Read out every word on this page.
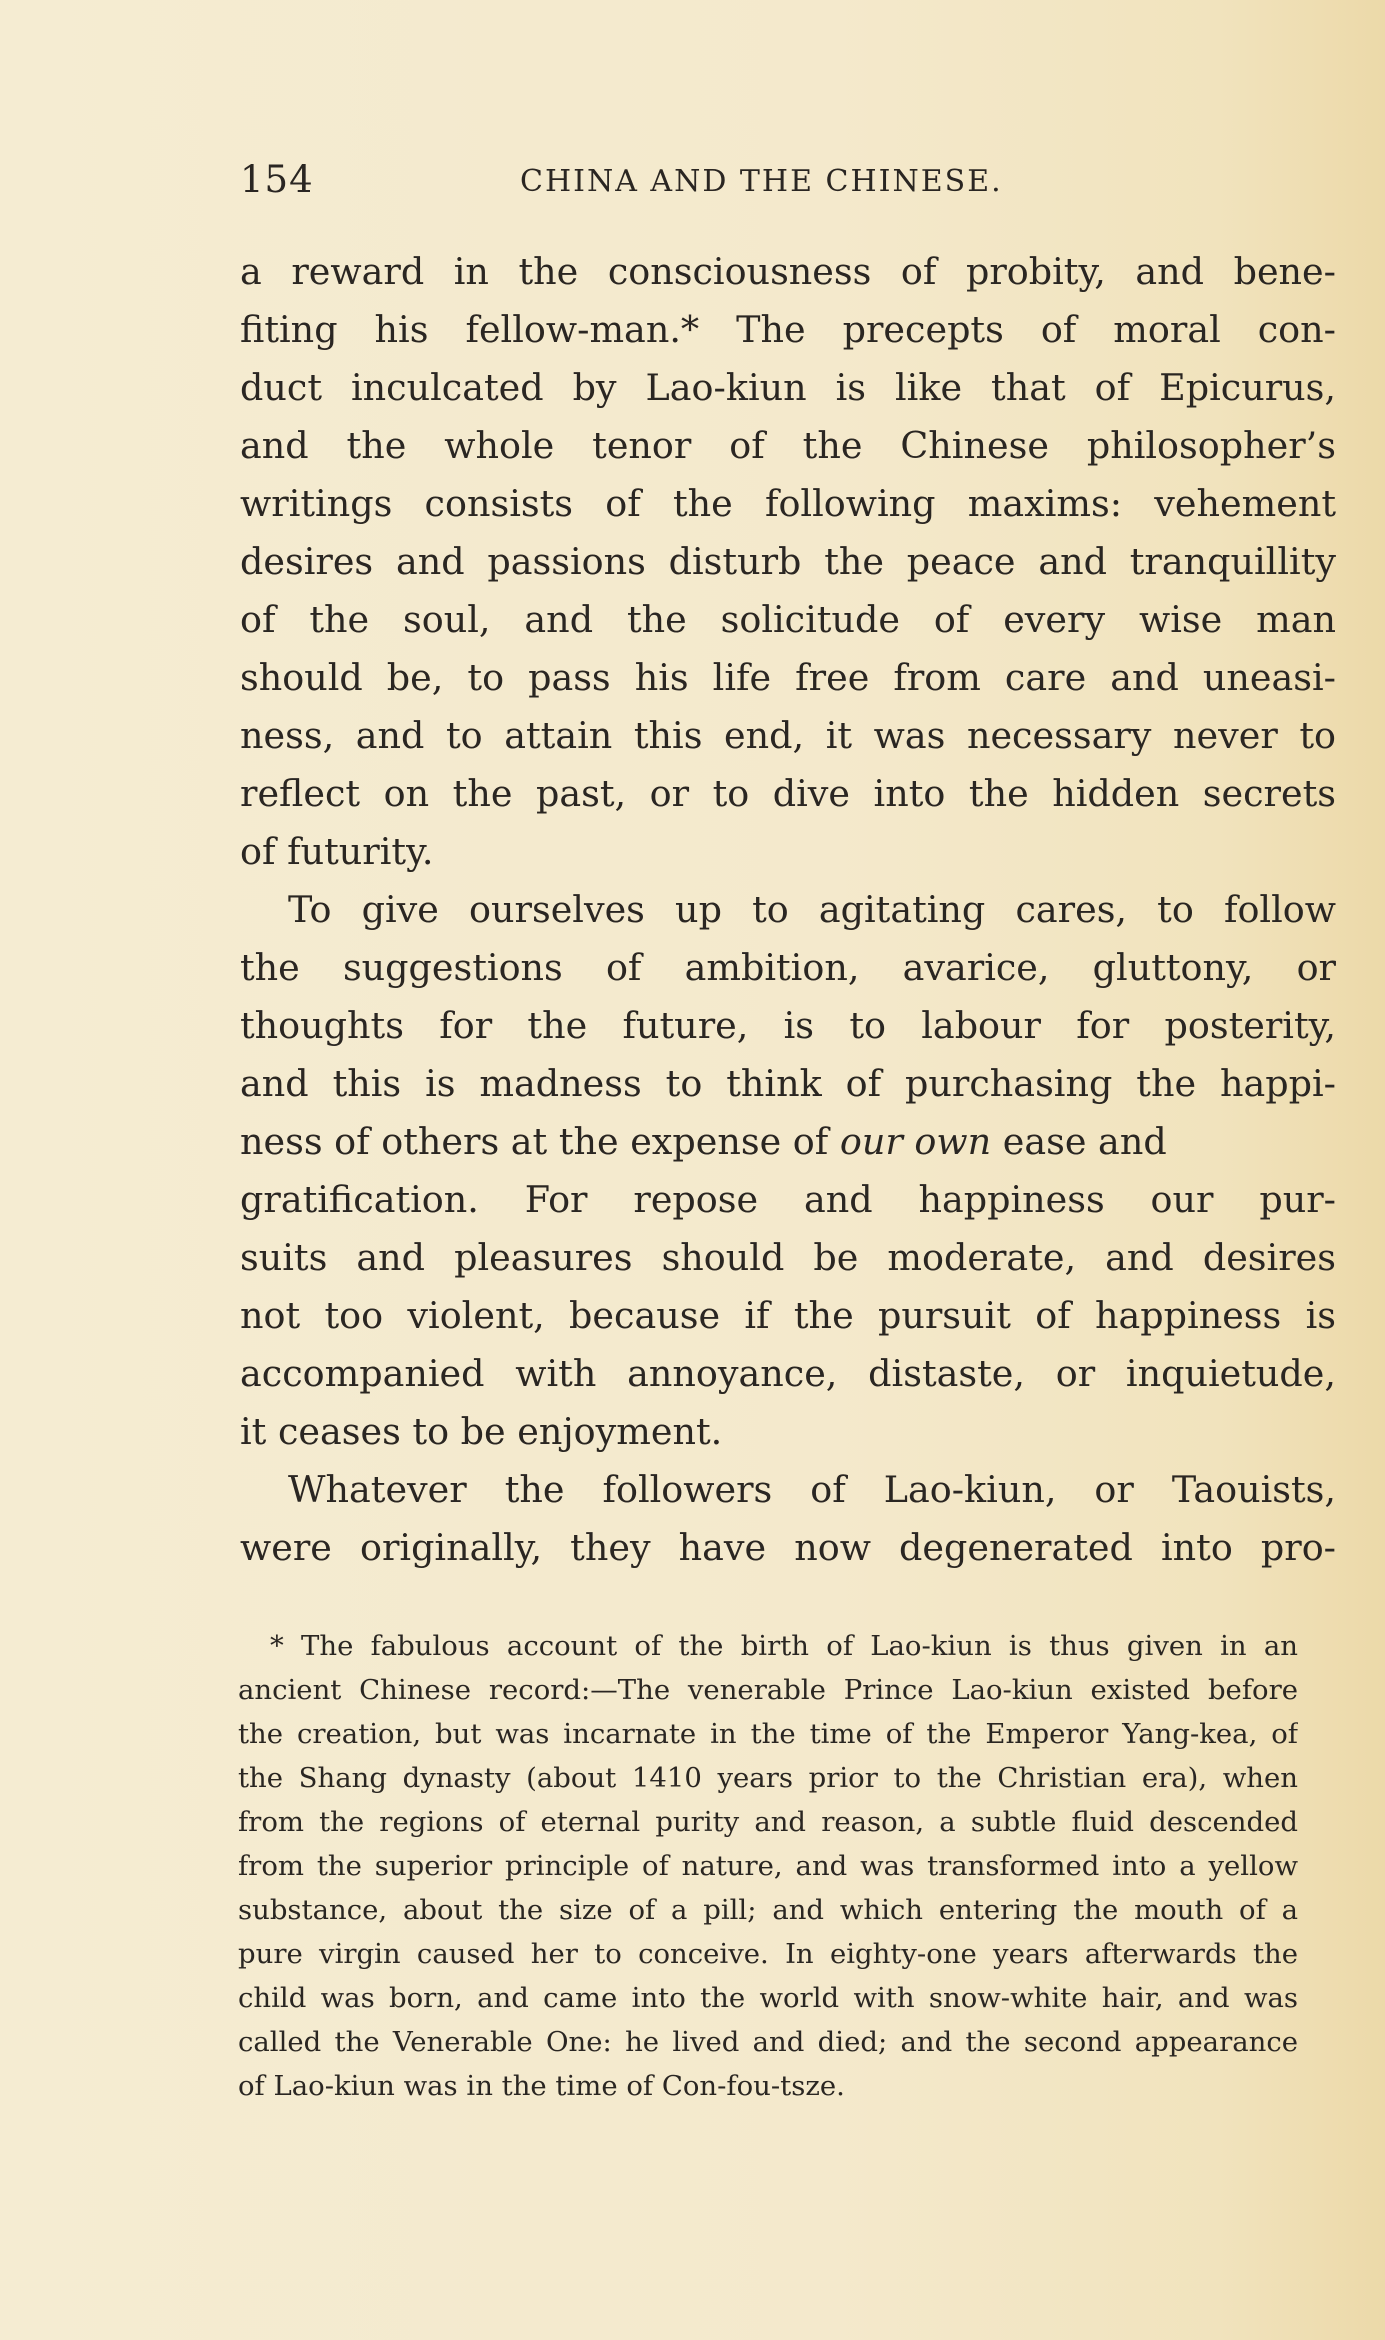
154	CHINA AND THE CHINESE.
a reward in the consciousness of probity, and bene-
fiting his fellow-man.* The precepts of moral con-
duct inculcated by Lao-kiun is like that of Epicurus,
and the whole tenor of the Chinese philosopher’s
writings consists of the following maxims: vehement
desires and passions disturb the peace and tranquillity
of the soul, and the solicitude of every wise man
should be, to pass his life free from care and uneasi-
ness, and to attain this end, it was necessary never to
reflect on the past, or to dive into the hidden secrets
of futurity.
To give ourselves up to agitating cares, to follow
the suggestions of ambition, avarice, gluttony, or
thoughts for the future, is to labour for posterity,
and this is madness to think of purchasing the happi-
ness of others at the expense of our own ease and
gratification. For repose and happiness our pur-
suits and pleasures should be moderate, and desires
not too violent, because if the pursuit of happiness is
accompanied with annoyance, distaste, or inquietude,
it ceases to be enjoyment.
Whatever the followers of Lao-kiun, or Taouists,
were originally, they have now degenerated into pro-
* The fabulous account of the birth of Lao-kiun is thus given in an
ancient Chinese record:—The venerable Prince Lao-kiun existed before
the creation, but was incarnate in the time of the Emperor Yang-kea, of
the Shang dynasty (about 1410 years prior to the Christian era), when
from the regions of eternal purity and reason, a subtle fluid descended
from the superior principle of nature, and was transformed into a yellow
substance, about the size of a pill; and which entering the mouth of a
pure virgin caused her to conceive. In eighty-one years afterwards the
child was born, and came into the world with snow-white hair, and was
called the Venerable One: he lived and died; and the second appearance
of Lao-kiun was in the time of Con-fou-tsze.
